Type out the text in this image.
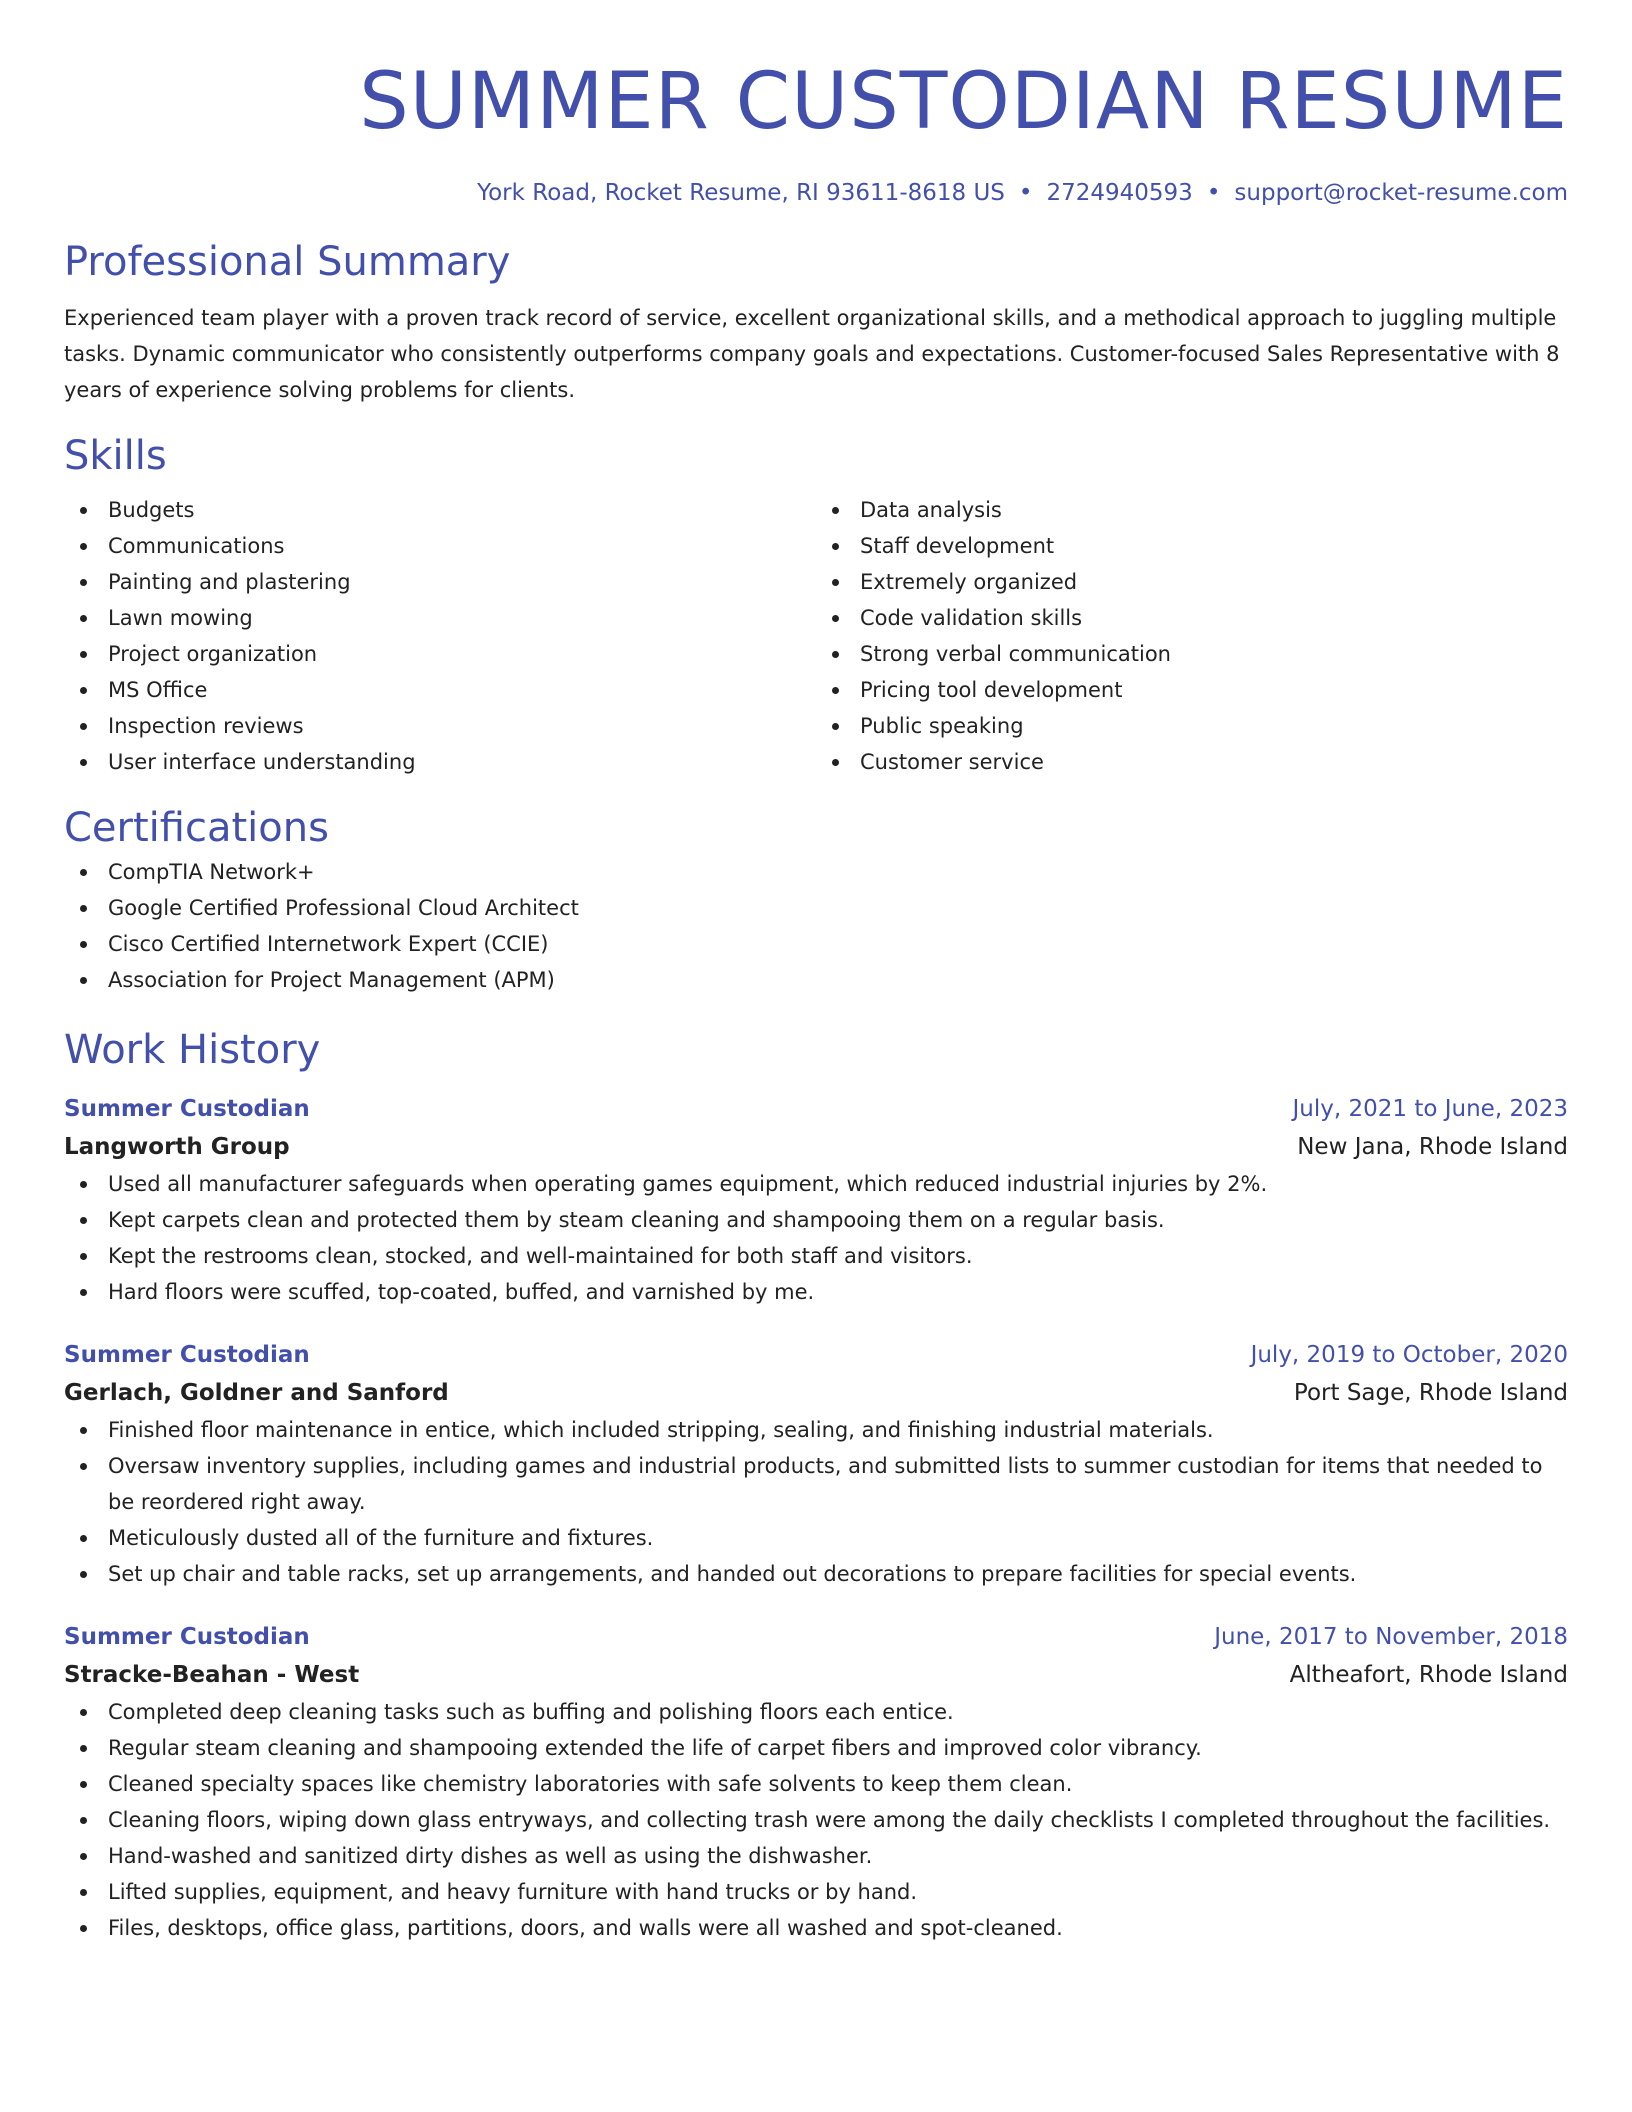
SUMMER CUSTODIAN RESUME
York Road, Rocket Resume, RI 93611-8618 US • 2724940593 • support@rocket-resume.com
Professional Summary
Experienced team player with a proven track record of service, excellent organizational skills, and a methodical approach to juggling multiple tasks. Dynamic communicator who consistently outperforms company goals and expectations. Customer-focused Sales Representative with 8 years of experience solving problems for clients.
Skills
Budgets
Communications
Painting and plastering
Lawn mowing
Project organization
MS Office
Inspection reviews
User interface understanding
Data analysis
Staff development
Extremely organized
Code validation skills
Strong verbal communication
Pricing tool development
Public speaking
Customer service
Certifications
CompTIA Network+
Google Certified Professional Cloud Architect
Cisco Certified Internetwork Expert (CCIE)
Association for Project Management (APM)
Work History
Summer Custodian	July, 2021 to June, 2023
Langworth Group	New Jana, Rhode Island
Used all manufacturer safeguards when operating games equipment, which reduced industrial injuries by 2%.
Kept carpets clean and protected them by steam cleaning and shampooing them on a regular basis.
Kept the restrooms clean, stocked, and well-maintained for both staff and visitors.
Hard floors were scuffed, top-coated, buffed, and varnished by me.
Summer Custodian	July, 2019 to October, 2020
Gerlach, Goldner and Sanford	Port Sage, Rhode Island
Finished floor maintenance in entice, which included stripping, sealing, and finishing industrial materials.
Oversaw inventory supplies, including games and industrial products, and submitted lists to summer custodian for items that needed to be reordered right away.
Meticulously dusted all of the furniture and fixtures.
Set up chair and table racks, set up arrangements, and handed out decorations to prepare facilities for special events.
Summer Custodian	June, 2017 to November, 2018
Stracke-Beahan - West	Altheafort, Rhode Island
Completed deep cleaning tasks such as buffing and polishing floors each entice.
Regular steam cleaning and shampooing extended the life of carpet fibers and improved color vibrancy.
Cleaned specialty spaces like chemistry laboratories with safe solvents to keep them clean.
Cleaning floors, wiping down glass entryways, and collecting trash were among the daily checklists I completed throughout the facilities.
Hand-washed and sanitized dirty dishes as well as using the dishwasher.
Lifted supplies, equipment, and heavy furniture with hand trucks or by hand.
Files, desktops, office glass, partitions, doors, and walls were all washed and spot-cleaned.
